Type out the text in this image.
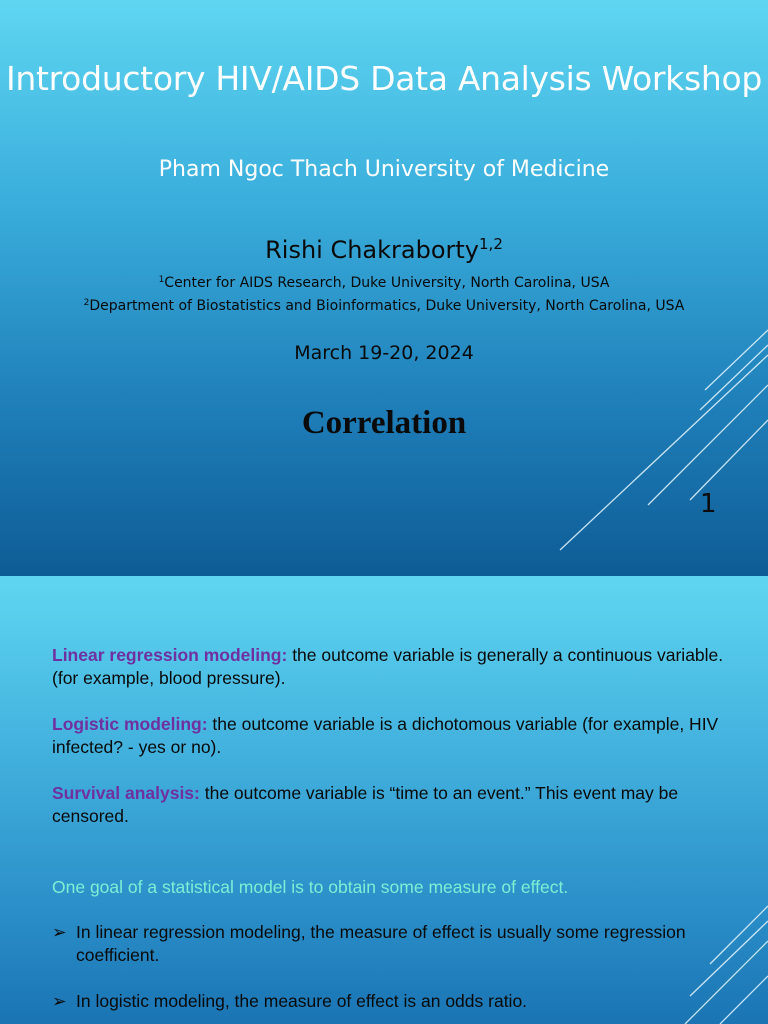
Introductory HIV/AIDS Data Analysis Workshop
Pham Ngoc Thach University of Medicine
Rishi Chakraborty$^{1,2}$
$^1$Center for AIDS Research, Duke University, North Carolina, USA
$^2$Department of Biostatistics and Bioinformatics, Duke University, North Carolina, USA
March 19-20, 2024
Correlation
1
Linear regression modeling: the outcome variable is generally a continuous variable. (for example, blood pressure).
Logistic modeling: the outcome variable is a dichotomous variable (for example, HIV infected? - yes or no).
Survival analysis: the outcome variable is “time to an event.” This event may be censored.
One goal of a statistical model is to obtain some measure of effect.
➢ In linear regression modeling, the measure of effect is usually some regression coefficient.
➢ In logistic modeling, the measure of effect is an odds ratio.
